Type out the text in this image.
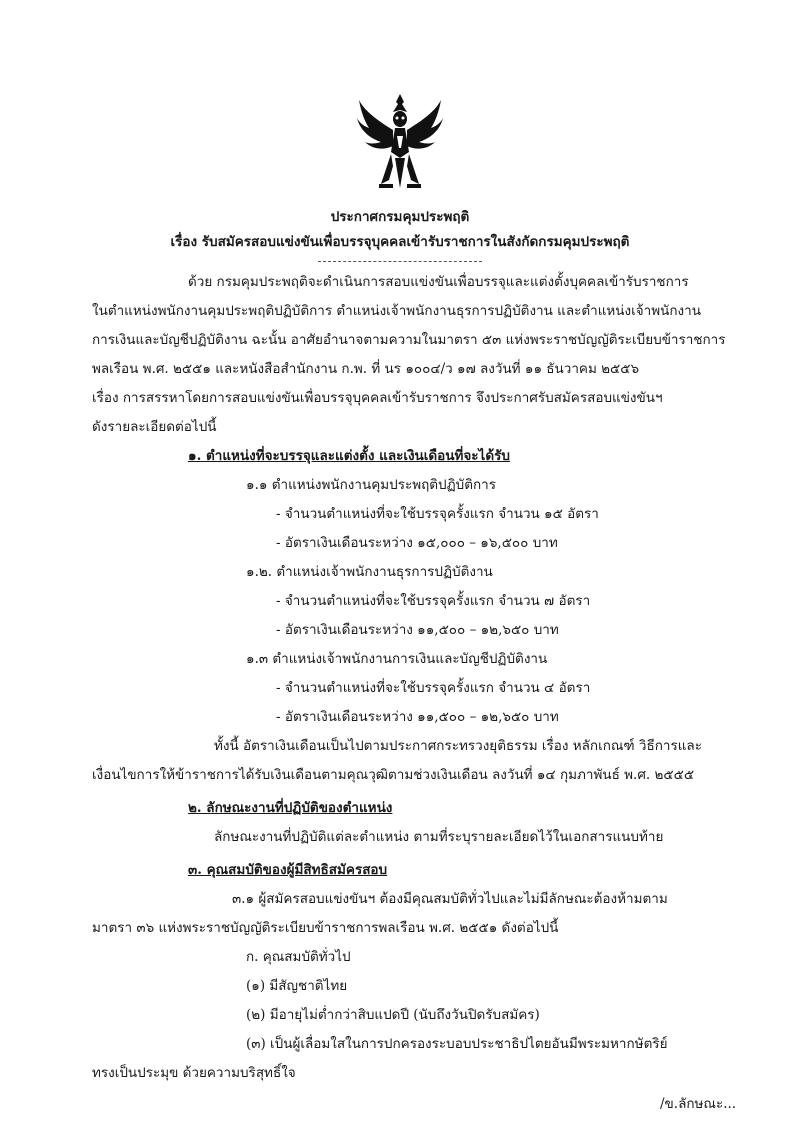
ประกาศกรมคุมประพฤติ
เรื่อง รับสมัครสอบแข่งขันเพื่อบรรจุบุคคลเข้ารับราชการในสังกัดกรมคุมประพฤติ
ด้วย กรมคุมประพฤติจะดำเนินการสอบแข่งขันเพื่อบรรจุและแต่งตั้งบุคคลเข้ารับราชการ
ในตำแหน่งพนักงานคุมประพฤติปฏิบัติการ ตำแหน่งเจ้าพนักงานธุรการปฏิบัติงาน และตำแหน่งเจ้าพนักงาน
การเงินและบัญชีปฏิบัติงาน ฉะนั้น อาศัยอำนาจตามความในมาตรา ๕๓ แห่งพระราชบัญญัติระเบียบข้าราชการ
พลเรือน พ.ศ. ๒๕๕๑ และหนังสือสำนักงาน ก.พ. ที่ นร ๑๐๐๔/ว ๑๗ ลงวันที่ ๑๑ ธันวาคม ๒๕๕๖
เรื่อง การสรรหาโดยการสอบแข่งขันเพื่อบรรจุบุคคลเข้ารับราชการ จึงประกาศรับสมัครสอบแข่งขันฯ
ดังรายละเอียดต่อไปนี้
๑. ตำแหน่งที่จะบรรจุและแต่งตั้ง และเงินเดือนที่จะได้รับ
๑.๑ ตำแหน่งพนักงานคุมประพฤติปฏิบัติการ
- จำนวนตำแหน่งที่จะใช้บรรจุครั้งแรก จำนวน ๑๕ อัตรา
- อัตราเงินเดือนระหว่าง ๑๕,๐๐๐ – ๑๖,๕๐๐ บาท
๑.๒. ตำแหน่งเจ้าพนักงานธุรการปฏิบัติงาน
- จำนวนตำแหน่งที่จะใช้บรรจุครั้งแรก จำนวน ๗ อัตรา
- อัตราเงินเดือนระหว่าง ๑๑,๕๐๐ – ๑๒,๖๕๐ บาท
๑.๓ ตำแหน่งเจ้าพนักงานการเงินและบัญชีปฏิบัติงาน
- จำนวนตำแหน่งที่จะใช้บรรจุครั้งแรก จำนวน ๔ อัตรา
- อัตราเงินเดือนระหว่าง ๑๑,๕๐๐ – ๑๒,๖๕๐ บาท
ทั้งนี้ อัตราเงินเดือนเป็นไปตามประกาศกระทรวงยุติธรรม เรื่อง หลักเกณฑ์ วิธีการและ
เงื่อนไขการให้ข้าราชการได้รับเงินเดือนตามคุณวุฒิตามช่วงเงินเดือน ลงวันที่ ๑๔ กุมภาพันธ์ พ.ศ. ๒๕๕๕
๒. ลักษณะงานที่ปฏิบัติของตำแหน่ง
ลักษณะงานที่ปฏิบัติแต่ละตำแหน่ง ตามที่ระบุรายละเอียดไว้ในเอกสารแนบท้าย
๓. คุณสมบัติของผู้มีสิทธิสมัครสอบ
๓.๑ ผู้สมัครสอบแข่งขันฯ ต้องมีคุณสมบัติทั่วไปและไม่มีลักษณะต้องห้ามตาม
มาตรา ๓๖ แห่งพระราชบัญญัติระเบียบข้าราชการพลเรือน พ.ศ. ๒๕๕๑ ดังต่อไปนี้
ก. คุณสมบัติทั่วไป
(๑) มีสัญชาติไทย
(๒) มีอายุไม่ต่ำกว่าสิบแปดปี (นับถึงวันปิดรับสมัคร)
(๓) เป็นผู้เลื่อมใสในการปกครองระบอบประชาธิปไตยอันมีพระมหากษัตริย์
ทรงเป็นประมุข ด้วยความบริสุทธิ์ใจ
/ข.ลักษณะ...
